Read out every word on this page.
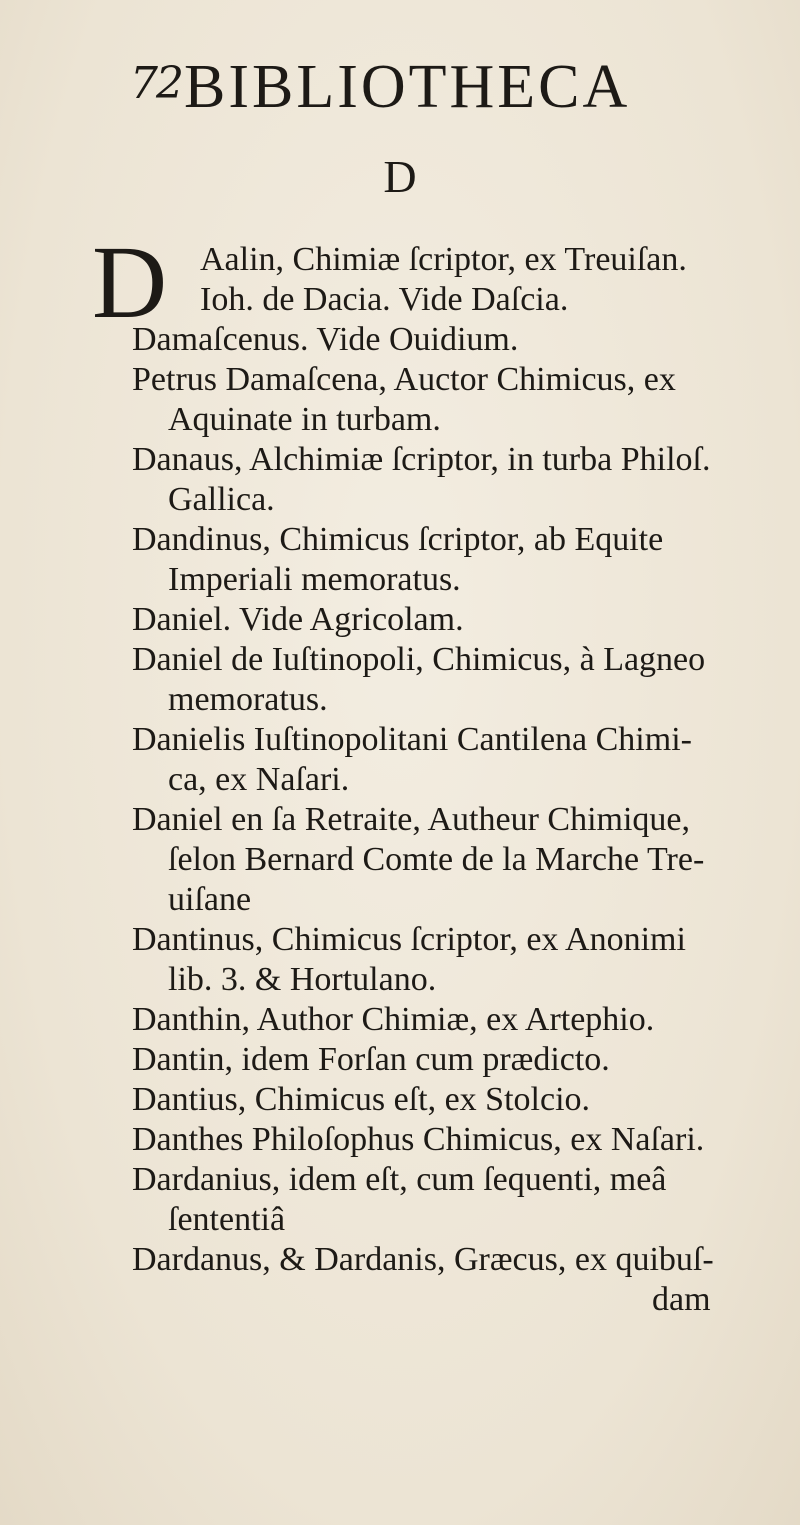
72 BIBLIOTHECA
D
D Aalin, Chimiæ ſcriptor, ex Treuiſan.
Ioh. de Dacia. Vide Daſcia.
Damaſcenus. Vide Ouidium.
Petrus Damaſcena, Auctor Chimicus, ex
Aquinate in turbam.
Danaus, Alchimiæ ſcriptor, in turba Philoſ.
Gallica.
Dandinus, Chimicus ſcriptor, ab Equite
Imperiali memoratus.
Daniel. Vide Agricolam.
Daniel de Iuſtinopoli, Chimicus, à Lagneo
memoratus.
Danielis Iuſtinopolitani Cantilena Chimi-
ca, ex Naſari.
Daniel en ſa Retraite, Autheur Chimique,
ſelon Bernard Comte de la Marche Tre-
uiſane
Dantinus, Chimicus ſcriptor, ex Anonimi
lib. 3. & Hortulano.
Danthin, Author Chimiæ, ex Artephio.
Dantin, idem Forſan cum prædicto.
Dantius, Chimicus eſt, ex Stolcio.
Danthes Philoſophus Chimicus, ex Naſari.
Dardanius, idem eſt, cum ſequenti, meâ
ſententiâ
Dardanus, & Dardanis, Græcus, ex quibuſ-
dam
